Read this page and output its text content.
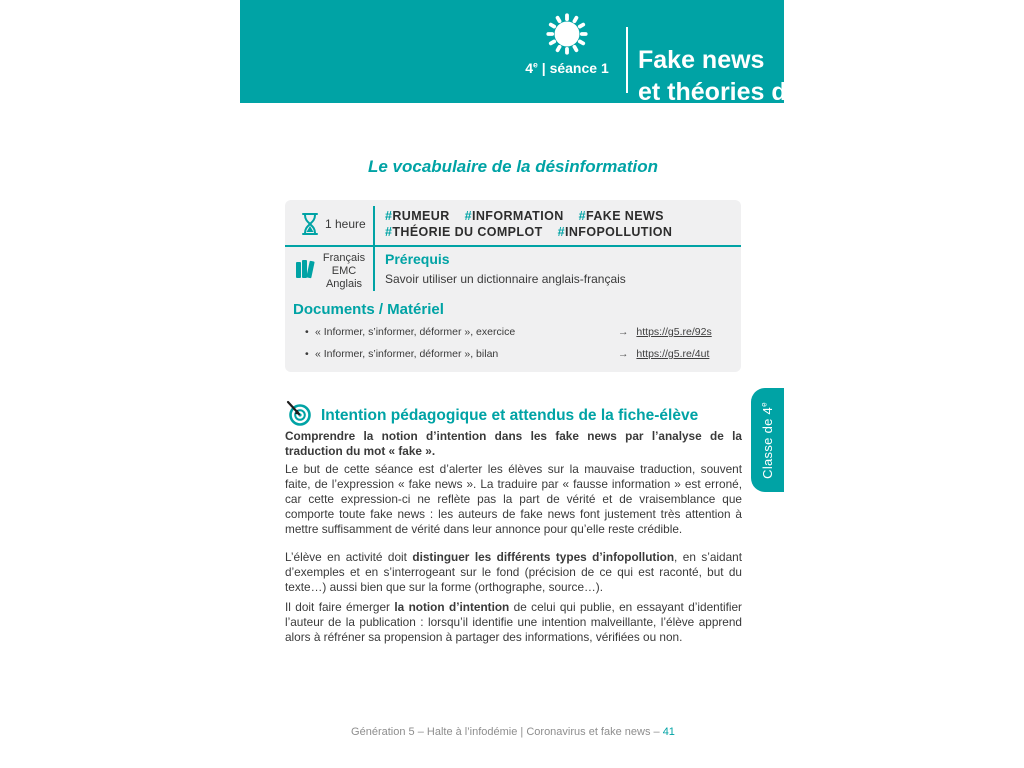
4e | séance 1	Fake news
et théories du complot
Le vocabulaire de la désinformation
1 heure
#RUMEUR #INFORMATION #FAKE NEWS
#THÉORIE DU COMPLOT #INFOPOLLUTION
Français
EMC
Anglais
Prérequis
Savoir utiliser un dictionnaire anglais-français
Documents / Matériel
• « Informer, s’informer, déformer », exercice	→ https://g5.re/92s
• « Informer, s’informer, déformer », bilan	→ https://g5.re/4ut
Classe de 4e
Intention pédagogique et attendus de la fiche-élève

Comprendre la notion d’intention dans les fake news par l’analyse de la traduction du mot « fake ».

Le but de cette séance est d’alerter les élèves sur la mauvaise traduction, souvent faite, de l’expression « fake news ». La traduire par « fausse information » est erroné, car cette expression-ci ne reflète pas la part de vérité et de vraisemblance que comporte toute fake news : les auteurs de fake news font justement très attention à mettre suffisamment de vérité dans leur annonce pour qu’elle reste crédible.

L’élève en activité doit distinguer les différents types d’infopollution, en s’aidant d’exemples et en s’interrogeant sur le fond (précision de ce qui est raconté, but du texte…) aussi bien que sur la forme (orthographe, source…).

Il doit faire émerger la notion d’intention de celui qui publie, en essayant d’identifier l’auteur de la publication : lorsqu’il identifie une intention malveillante, l’élève apprend alors à réfréner sa propension à partager des informations, vérifiées ou non.

Génération 5 – Halte à l’infodémie | Coronavirus et fake news – 41
